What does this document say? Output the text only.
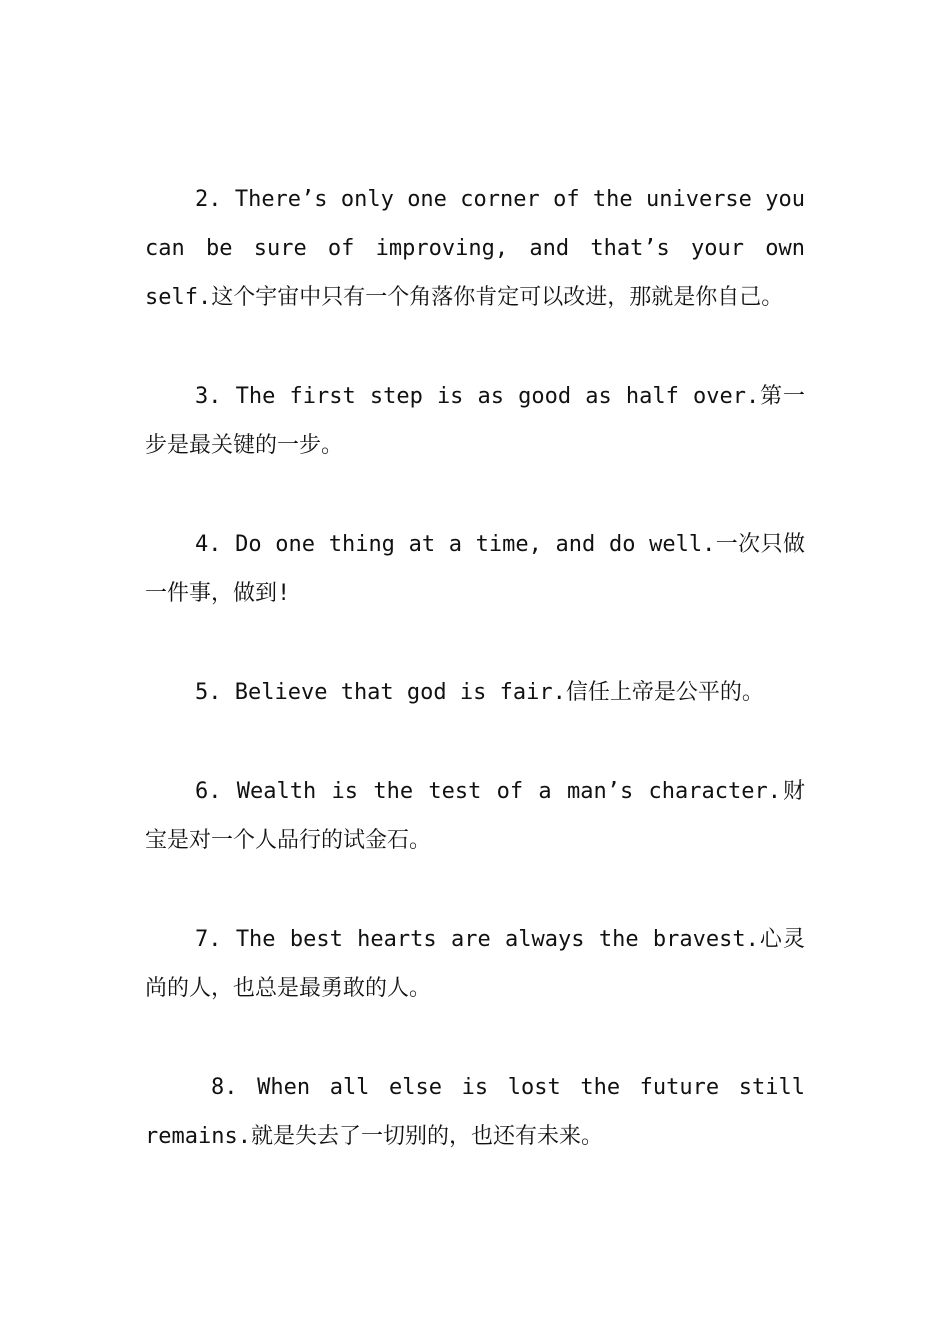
2. There’s only one corner of the universe you can be sure of improving, and that’s your own self.这个宇宙中只有一个角落你肯定可以改进，那就是你自己。

3. The first step is as good as half over.第一步是最关键的一步。

4. Do one thing at a time, and do well.一次只做一件事，做到!

5. Believe that god is fair.信任上帝是公平的。

6. Wealth is the test of a man’s character.财宝是对一个人品行的试金石。

7. The best hearts are always the bravest.心灵尚的人，也总是最勇敢的人。

8. When all else is lost the future still remains.就是失去了一切别的，也还有未来。
